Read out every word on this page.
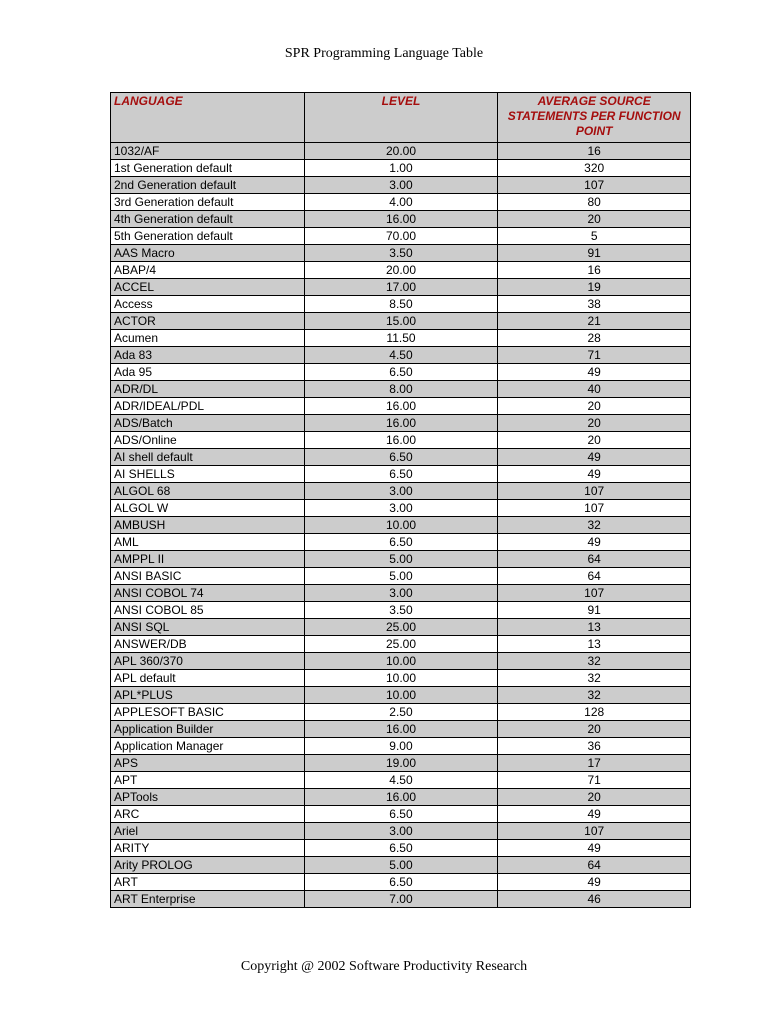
SPR Programming Language Table
LANGUAGE	LEVEL	AVERAGE SOURCE STATEMENTS PER FUNCTION POINT
1032/AF	20.00	16
1st Generation default	1.00	320
2nd Generation default	3.00	107
3rd Generation default	4.00	80
4th Generation default	16.00	20
5th Generation default	70.00	5
AAS Macro	3.50	91
ABAP/4	20.00	16
ACCEL	17.00	19
Access	8.50	38
ACTOR	15.00	21
Acumen	11.50	28
Ada 83	4.50	71
Ada 95	6.50	49
ADR/DL	8.00	40
ADR/IDEAL/PDL	16.00	20
ADS/Batch	16.00	20
ADS/Online	16.00	20
AI shell default	6.50	49
AI SHELLS	6.50	49
ALGOL 68	3.00	107
ALGOL W	3.00	107
AMBUSH	10.00	32
AML	6.50	49
AMPPL II	5.00	64
ANSI BASIC	5.00	64
ANSI COBOL 74	3.00	107
ANSI COBOL 85	3.50	91
ANSI SQL	25.00	13
ANSWER/DB	25.00	13
APL 360/370	10.00	32
APL default	10.00	32
APL*PLUS	10.00	32
APPLESOFT BASIC	2.50	128
Application Builder	16.00	20
Application Manager	9.00	36
APS	19.00	17
APT	4.50	71
APTools	16.00	20
ARC	6.50	49
Ariel	3.00	107
ARITY	6.50	49
Arity PROLOG	5.00	64
ART	6.50	49
ART Enterprise	7.00	46
Copyright @ 2002 Software Productivity Research
